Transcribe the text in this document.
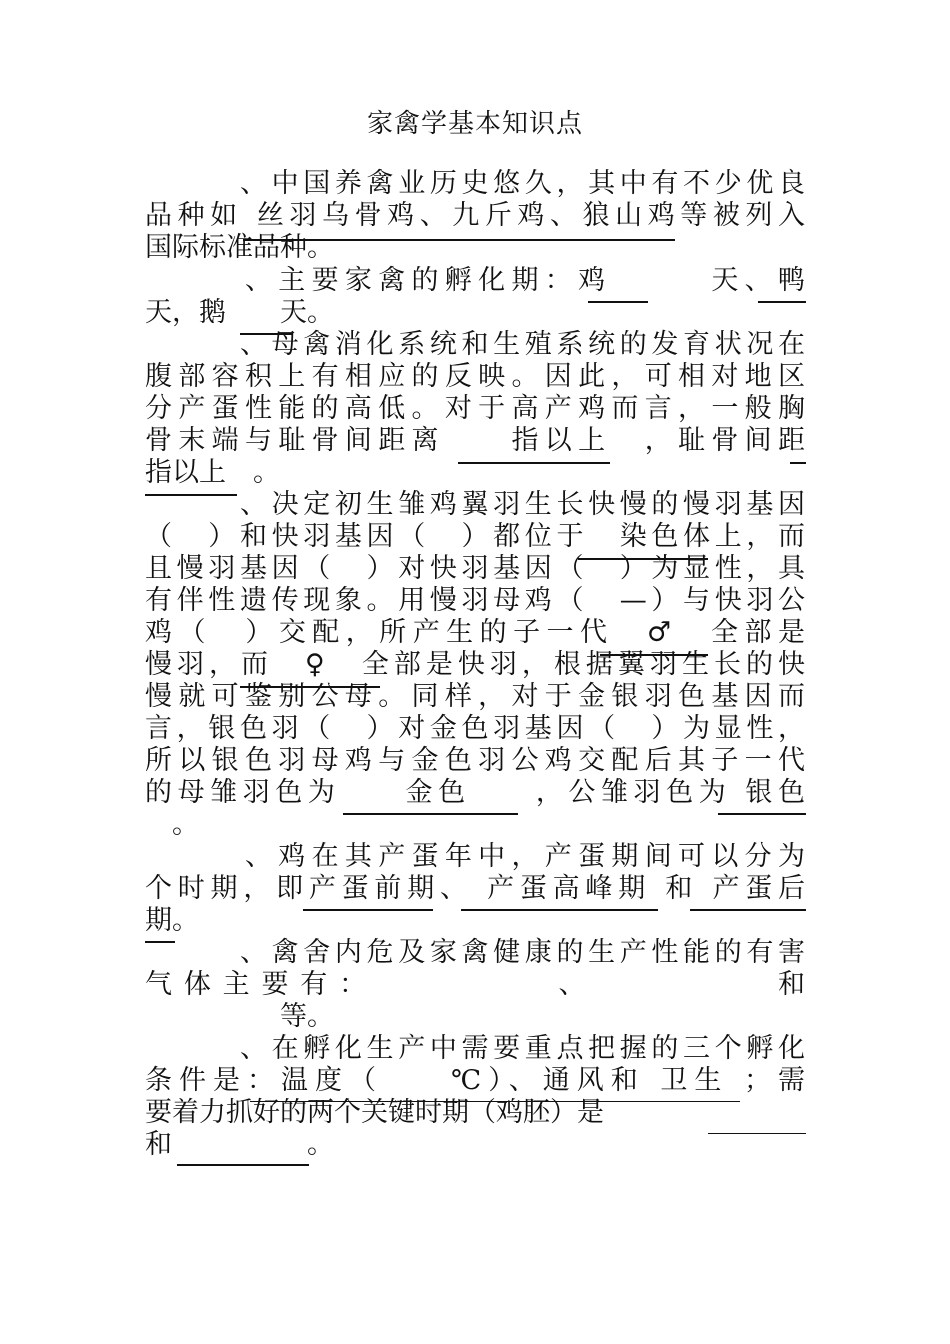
家禽学基本知识点
　　　、中国养禽业历史悠久，其中有不少优良
品种如 丝羽乌骨鸡、九斤鸡、狼山鸡等被列入
国际标准品种。
　　　、主要家禽的孵化期：鸡　　　天、鸭　　
天，鹅　　天。
　　　、母禽消化系统和生殖系统的发育状况在
腹部容积上有相应的反映。因此，可相对地区
分产蛋性能的高低。对于高产鸡而言，一般胸
骨末端与耻骨间距离　　指以上　，耻骨间距　
指以上　。
　　　、决定初生雏鸡翼羽生长快慢的慢羽基因
（　）和快羽基因（　）都位于　染色体上，而
且慢羽基因（　）对快羽基因（　）为显性，具
有伴性遗传现象。用慢羽母鸡（　—）与快羽公
鸡（　）交配，所产生的子一代　♂　全部是
慢羽，而　♀　全部是快羽，根据翼羽生长的快
慢就可鉴别公母。同样，对于金银羽色基因而
言，银色羽（　）对金色羽基因（　）为显性，
所以银色羽母鸡与金色羽公鸡交配后其子一代
的母雏羽色为　　金色　　，公雏羽色为 银色
　。
　　　、鸡在其产蛋年中，产蛋期间可以分为
个时期，即产蛋前期、 产蛋高峰期 和 产蛋后
期。
　　　、禽舍内危及家禽健康的生产性能的有害
气体主要有：　　　　　、　　　　　和
　　　　　等。
　　　、在孵化生产中需要重点把握的三个孵化
条件是：温度（　　℃）、通风和 卫生 ；需
要着力抓好的两个关键时期（鸡胚）是
和　　　　　。
